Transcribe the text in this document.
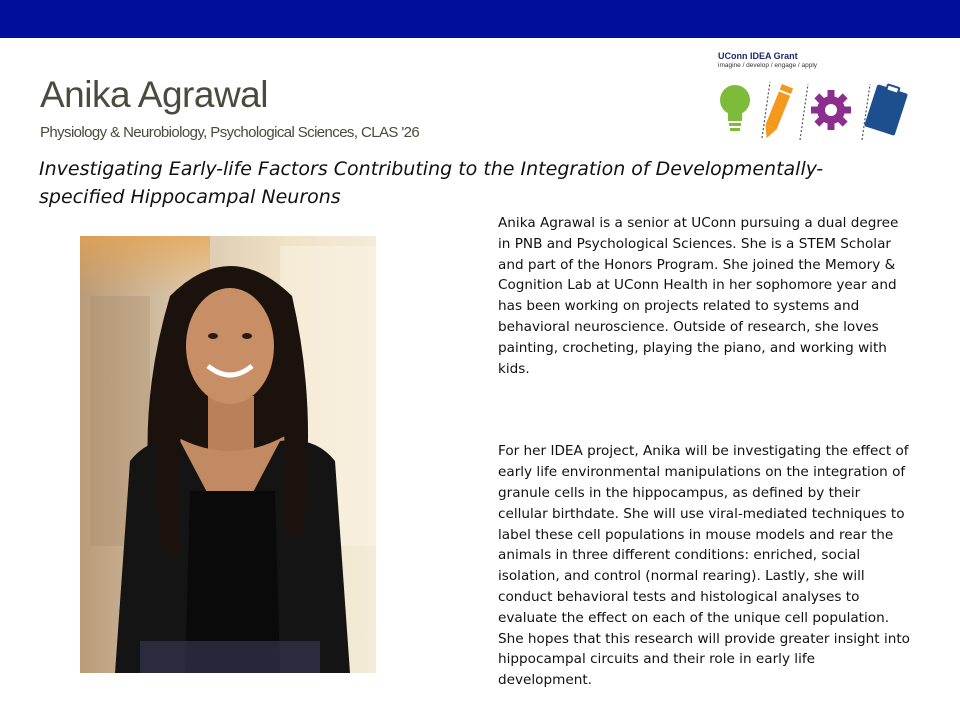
Anika Agrawal
Physiology & Neurobiology, Psychological Sciences, CLAS '26
Investigating Early-life Factors Contributing to the Integration of Developmentally-specified Hippocampal Neurons
UConn IDEA Grant
imagine / develop / engage / apply

Anika Agrawal is a senior at UConn pursuing a dual degree in PNB and Psychological Sciences. She is a STEM Scholar and part of the Honors Program. She joined the Memory & Cognition Lab at UConn Health in her sophomore year and has been working on projects related to systems and behavioral neuroscience. Outside of research, she loves painting, crocheting, playing the piano, and working with kids.

For her IDEA project, Anika will be investigating the effect of early life environmental manipulations on the integration of granule cells in the hippocampus, as defined by their cellular birthdate. She will use viral-mediated techniques to label these cell populations in mouse models and rear the animals in three different conditions: enriched, social isolation, and control (normal rearing). Lastly, she will conduct behavioral tests and histological analyses to evaluate the effect on each of the unique cell population. She hopes that this research will provide greater insight into hippocampal circuits and their role in early life development.
